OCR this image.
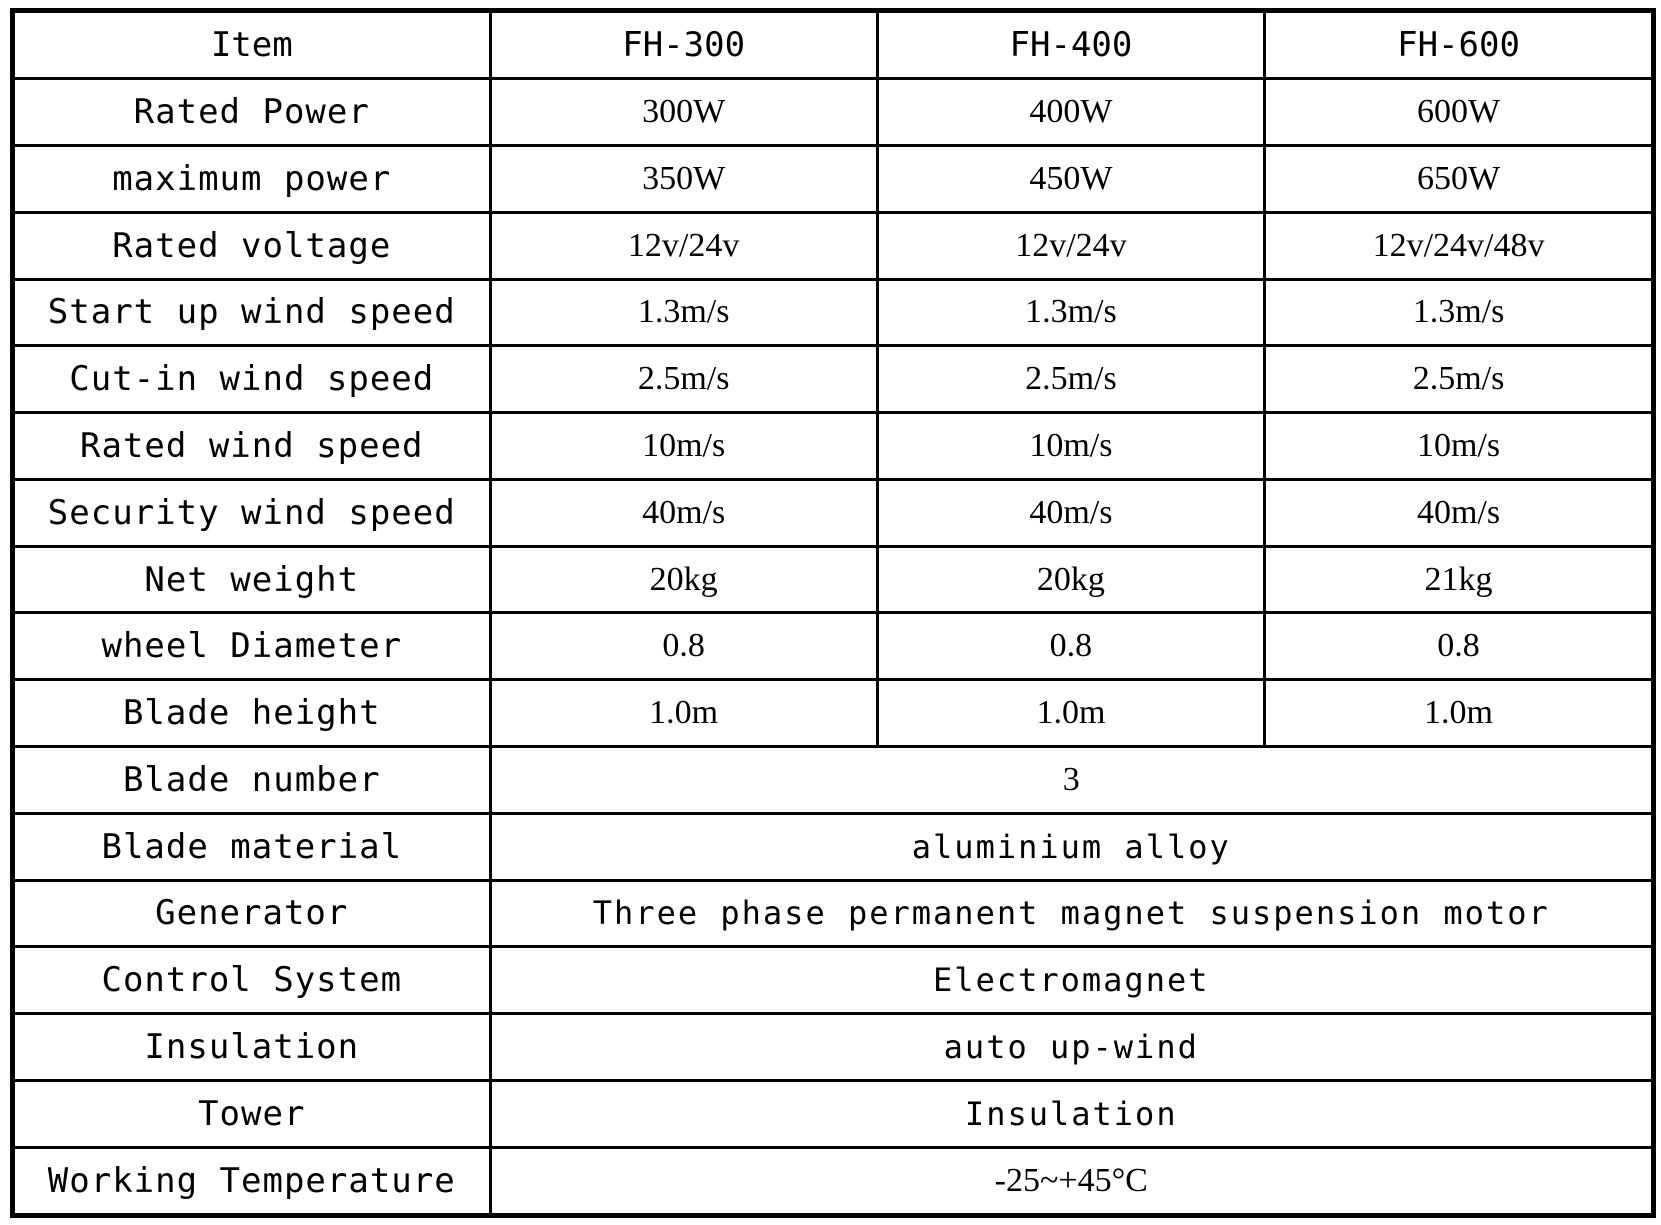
Item	FH-300	FH-400	FH-600
Rated Power	300W	400W	600W
maximum power	350W	450W	650W
Rated voltage	12v/24v	12v/24v	12v/24v/48v
Start up wind speed	1.3m/s	1.3m/s	1.3m/s
Cut-in wind speed	2.5m/s	2.5m/s	2.5m/s
Rated wind speed	10m/s	10m/s	10m/s
Security wind speed	40m/s	40m/s	40m/s
Net weight	20kg	20kg	21kg
wheel Diameter	0.8	0.8	0.8
Blade height	1.0m	1.0m	1.0m
Blade number	3		
Blade material	aluminium alloy		
Generator	Three phase permanent magnet suspension motor		
Control System	Electromagnet		
Insulation	auto up-wind		
Tower	Insulation		
Working Temperature	-25~+45°C		
